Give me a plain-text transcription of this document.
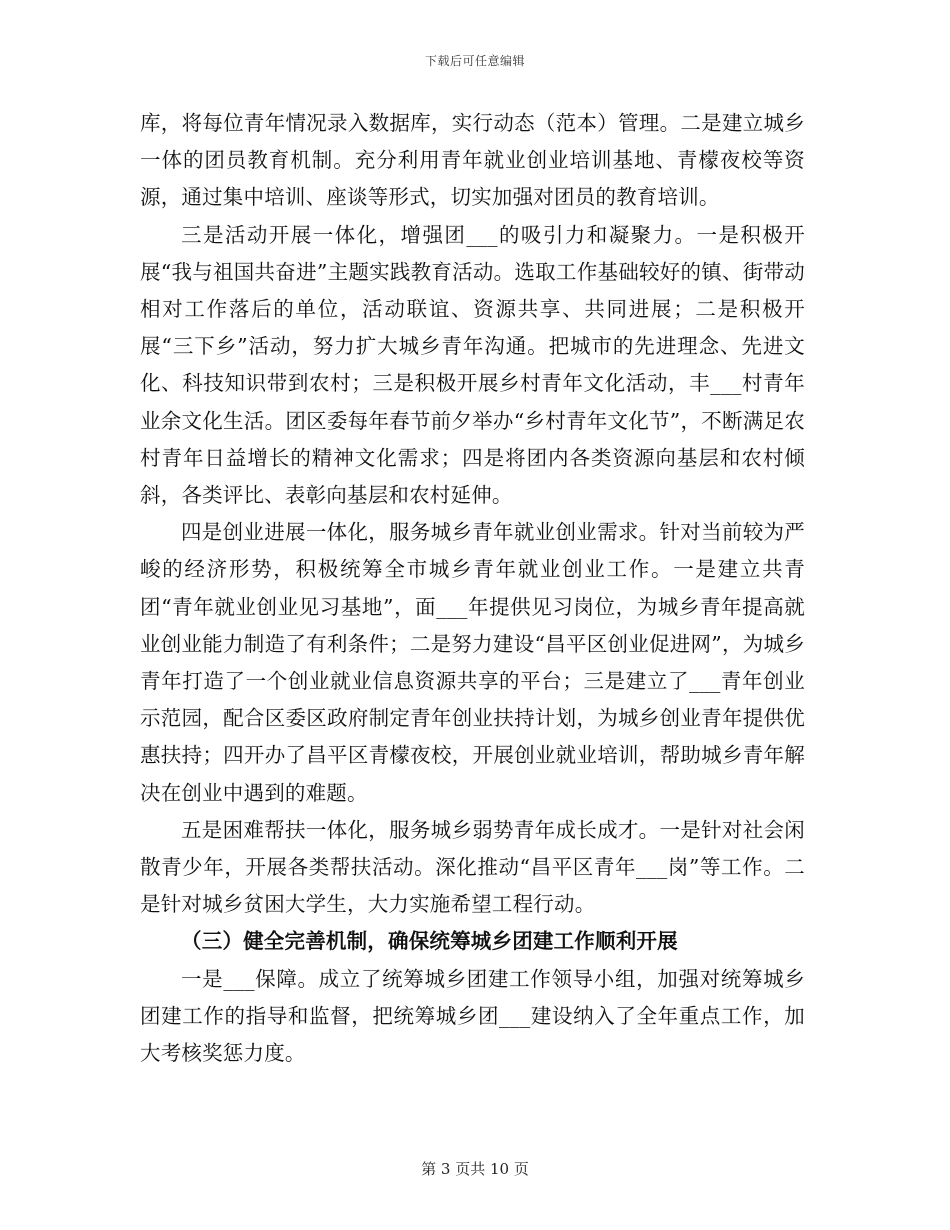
下载后可任意编辑

库，将每位青年情况录入数据库，实行动态（范本）管理。二是建立城乡一体的团员教育机制。充分利用青年就业创业培训基地、青檬夜校等资源，通过集中培训、座谈等形式，切实加强对团员的教育培训。

三是活动开展一体化，增强团___的吸引力和凝聚力。一是积极开展“我与祖国共奋进”主题实践教育活动。选取工作基础较好的镇、街带动相对工作落后的单位，活动联谊、资源共享、共同进展；二是积极开展“三下乡”活动，努力扩大城乡青年沟通。把城市的先进理念、先进文化、科技知识带到农村；三是积极开展乡村青年文化活动，丰___村青年业余文化生活。团区委每年春节前夕举办“乡村青年文化节”，不断满足农村青年日益增长的精神文化需求；四是将团内各类资源向基层和农村倾斜，各类评比、表彰向基层和农村延伸。

四是创业进展一体化，服务城乡青年就业创业需求。针对当前较为严峻的经济形势，积极统筹全市城乡青年就业创业工作。一是建立共青团“青年就业创业见习基地”，面___年提供见习岗位，为城乡青年提高就业创业能力制造了有利条件；二是努力建设“昌平区创业促进网”，为城乡青年打造了一个创业就业信息资源共享的平台；三是建立了___青年创业示范园，配合区委区政府制定青年创业扶持计划，为城乡创业青年提供优惠扶持；四开办了昌平区青檬夜校，开展创业就业培训，帮助城乡青年解决在创业中遇到的难题。

五是困难帮扶一体化，服务城乡弱势青年成长成才。一是针对社会闲散青少年，开展各类帮扶活动。深化推动“昌平区青年___岗”等工作。二是针对城乡贫困大学生，大力实施希望工程行动。

（三）健全完善机制，确保统筹城乡团建工作顺利开展

一是___保障。成立了统筹城乡团建工作领导小组，加强对统筹城乡团建工作的指导和监督，把统筹城乡团___建设纳入了全年重点工作，加大考核奖惩力度。

第 3 页共 10 页
